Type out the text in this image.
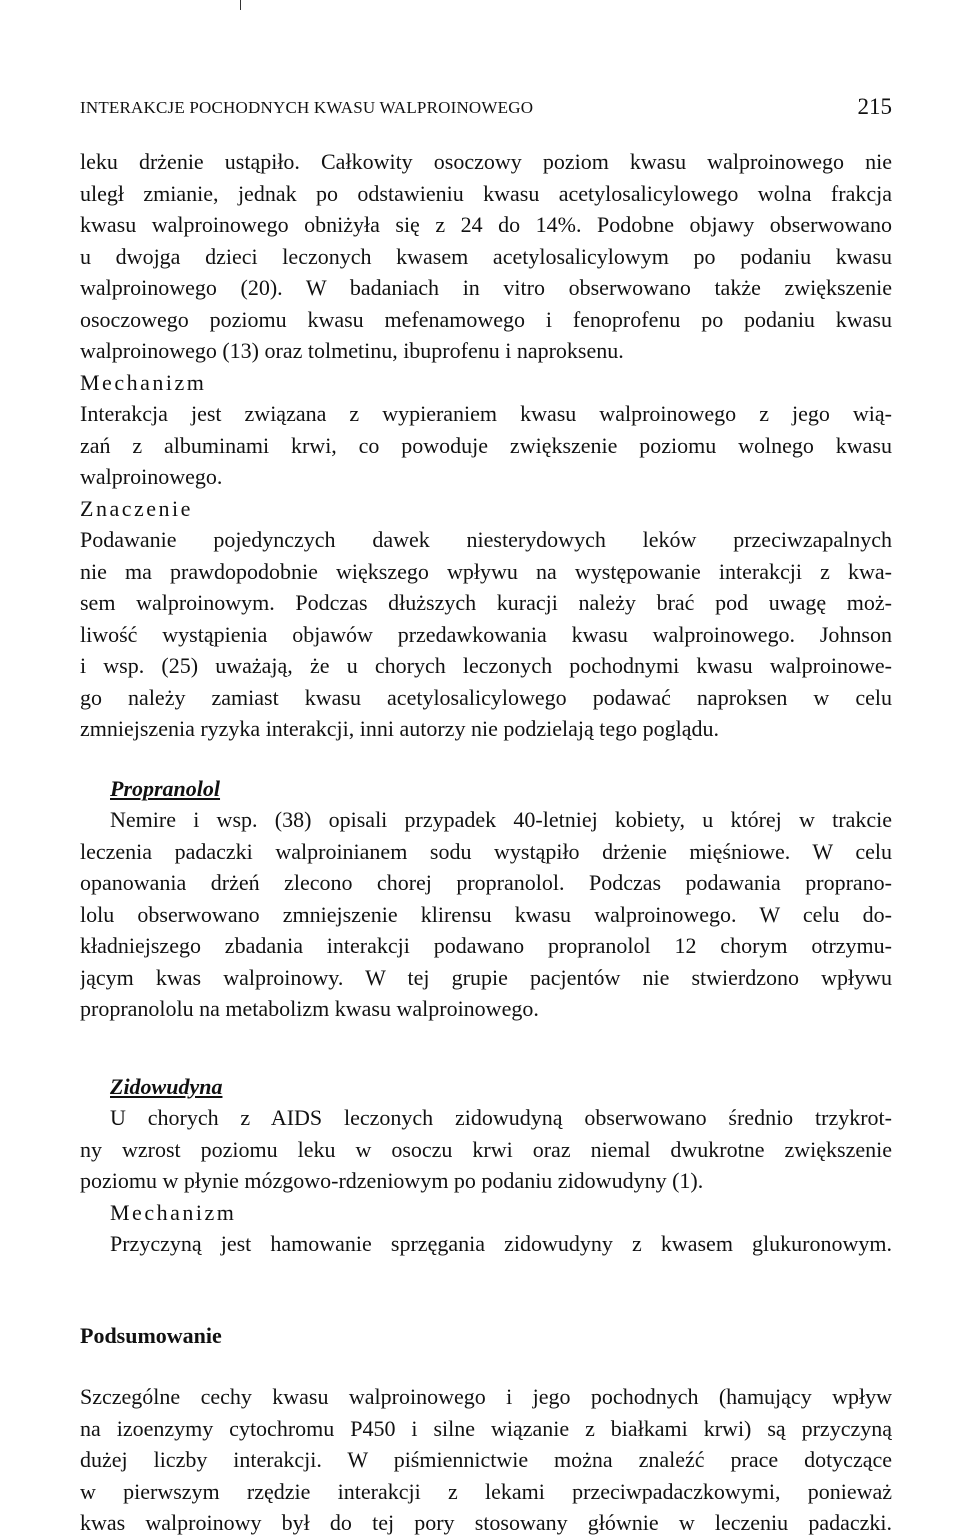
INTERAKCJE POCHODNYCH KWASU WALPROINOWEGO	215
leku drżenie ustąpiło. Całkowity osoczowy poziom kwasu walproinowego nie
uległ zmianie, jednak po odstawieniu kwasu acetylosalicylowego wolna frakcja
kwasu walproinowego obniżyła się z 24 do 14%. Podobne objawy obserwowano
u dwojga dzieci leczonych kwasem acetylosalicylowym po podaniu kwasu
walproinowego (20). W badaniach in vitro obserwowano także zwiększenie
osoczowego poziomu kwasu mefenamowego i fenoprofenu po podaniu kwasu
walproinowego (13) oraz tolmetinu, ibuprofenu i naproksenu.
Mechanizm
Interakcja jest związana z wypieraniem kwasu walproinowego z jego wią-
zań z albuminami krwi, co powoduje zwiększenie poziomu wolnego kwasu
walproinowego.
Znaczenie
Podawanie pojedynczych dawek niesterydowych leków przeciwzapalnych
nie ma prawdopodobnie większego wpływu na występowanie interakcji z kwa-
sem walproinowym. Podczas dłuższych kuracji należy brać pod uwagę moż-
liwość wystąpienia objawów przedawkowania kwasu walproinowego. Johnson
i wsp. (25) uważają, że u chorych leczonych pochodnymi kwasu walproinowe-
go należy zamiast kwasu acetylosalicylowego podawać naproksen w celu
zmniejszenia ryzyka interakcji, inni autorzy nie podzielają tego poglądu.
Propranolol
Nemire i wsp. (38) opisali przypadek 40-letniej kobiety, u której w trakcie
leczenia padaczki walproinianem sodu wystąpiło drżenie mięśniowe. W celu
opanowania drżeń zlecono chorej propranolol. Podczas podawania proprano-
lolu obserwowano zmniejszenie klirensu kwasu walproinowego. W celu do-
kładniejszego zbadania interakcji podawano propranolol 12 chorym otrzymu-
jącym kwas walproinowy. W tej grupie pacjentów nie stwierdzono wpływu
propranololu na metabolizm kwasu walproinowego.
Zidowudyna
U chorych z AIDS leczonych zidowudyną obserwowano średnio trzykrot-
ny wzrost poziomu leku w osoczu krwi oraz niemal dwukrotne zwiększenie
poziomu w płynie mózgowo-rdzeniowym po podaniu zidowudyny (1).
Mechanizm
Przyczyną jest hamowanie sprzęgania zidowudyny z kwasem glukuronowym.
Podsumowanie
Szczególne cechy kwasu walproinowego i jego pochodnych (hamujący wpływ
na izoenzymy cytochromu P450 i silne wiązanie z białkami krwi) są przyczyną
dużej liczby interakcji. W piśmiennictwie można znaleźć prace dotyczące
w pierwszym rzędzie interakcji z lekami przeciwpadaczkowymi, ponieważ
kwas walproinowy był do tej pory stosowany głównie w leczeniu padaczki.
